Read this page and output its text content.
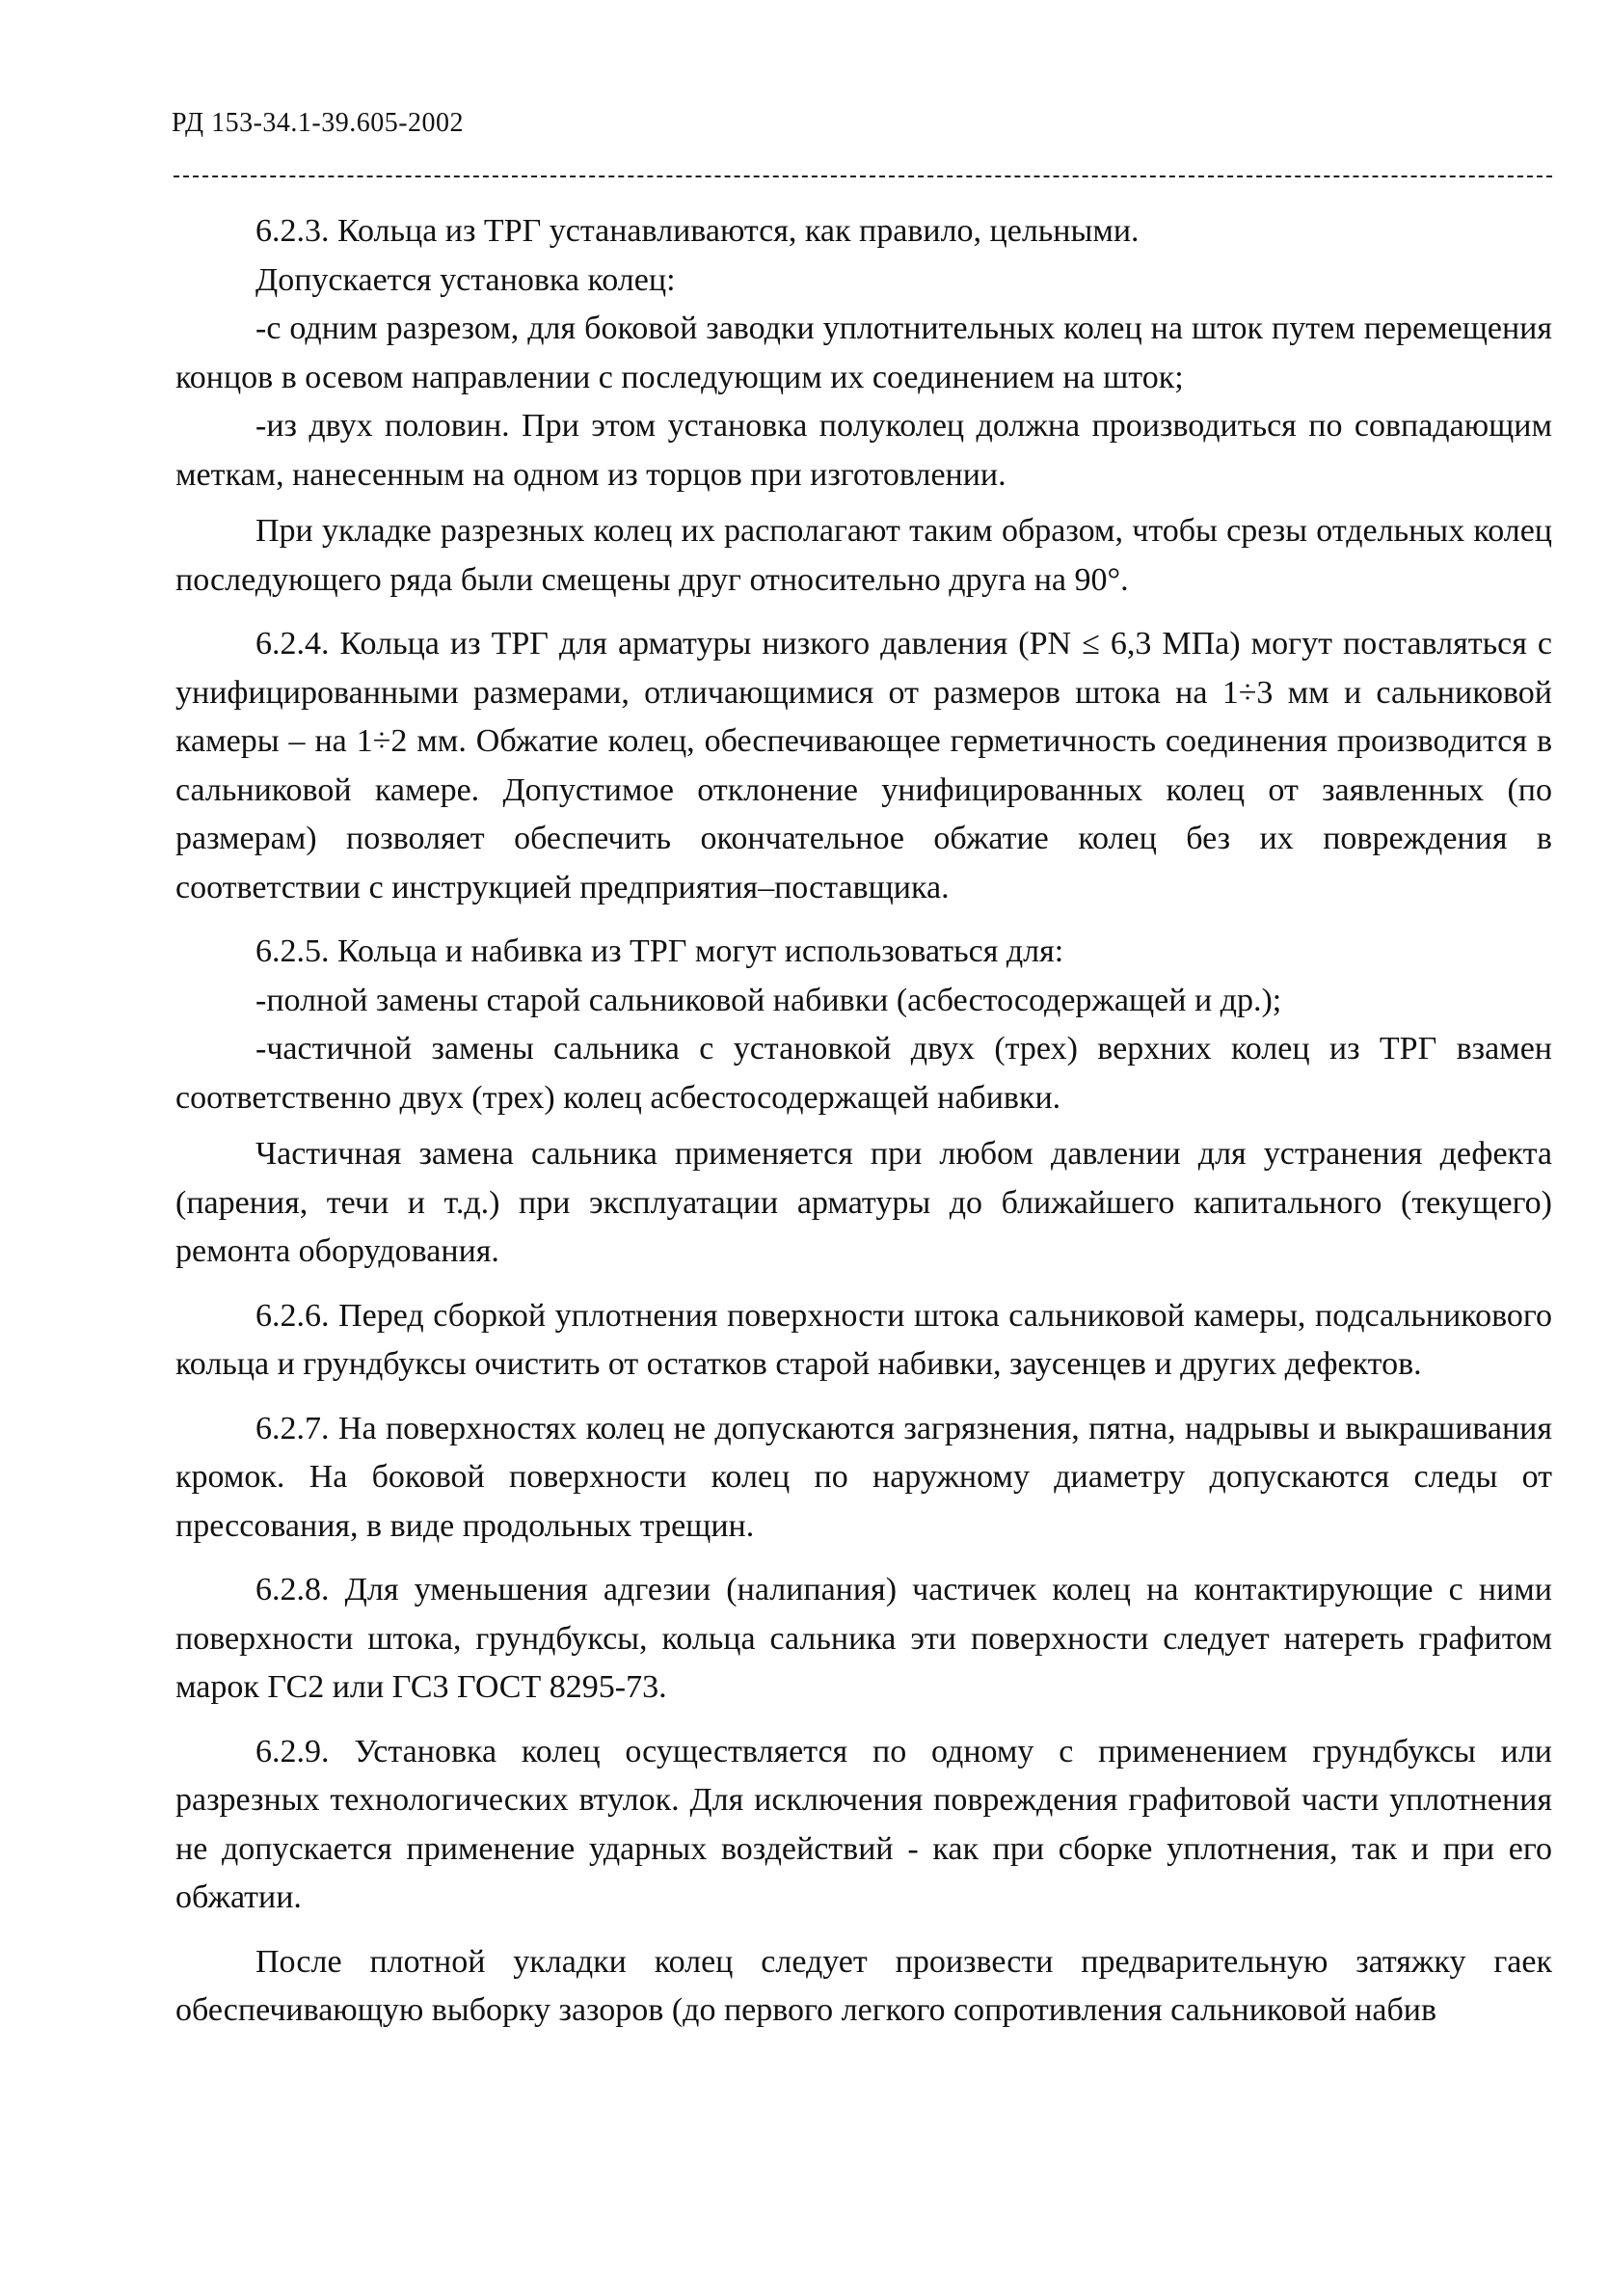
РД 153-34.1-39.605-2002

6.2.3. Кольца из ТРГ устанавливаются, как правило, цельными.

Допускается установка колец:

-с одним разрезом, для боковой заводки уплотнительных колец на шток путем перемещения концов в осевом направлении с последующим их соединением на шток;

-из двух половин. При этом установка полуколец должна производиться по совпадающим меткам, нанесенным на одном из торцов при изготовлении.

При укладке разрезных колец их располагают таким образом, чтобы срезы отдельных колец последующего ряда были смещены друг относительно друга на 90°.

6.2.4. Кольца из ТРГ для арматуры низкого давления (PN ≤ 6,3 МПа) могут поставляться с унифицированными размерами, отличающимися от размеров штока на 1÷3 мм и сальниковой камеры – на 1÷2 мм. Обжатие колец, обеспечивающее герметичность соединения производится в сальниковой камере. Допустимое отклонение унифицированных колец от заявленных (по размерам) позволяет обеспечить окончательное обжатие колец без их повреждения в соответствии с инструкцией предприятия–поставщика.

6.2.5. Кольца и набивка из ТРГ могут использоваться для:

-полной замены старой сальниковой набивки (асбестосодержащей и др.);

-частичной замены сальника с установкой двух (трех) верхних колец из ТРГ взамен соответственно двух (трех) колец асбестосодержащей набивки.

Частичная замена сальника применяется при любом давлении для устранения дефекта (парения, течи и т.д.) при эксплуатации арматуры до ближайшего капитального (текущего) ремонта оборудования.

6.2.6. Перед сборкой уплотнения поверхности штока сальниковой камеры, подсальникового кольца и грундбуксы очистить от остатков старой набивки, заусенцев и других дефектов.

6.2.7. На поверхностях колец не допускаются загрязнения, пятна, надрывы и выкрашивания кромок. На боковой поверхности колец по наружному диаметру допускаются следы от прессования, в виде продольных трещин.

6.2.8. Для уменьшения адгезии (налипания) частичек колец на контактирующие с ними поверхности штока, грундбуксы, кольца сальника эти поверхности следует натереть графитом марок ГС2 или ГС3 ГОСТ 8295-73.

6.2.9. Установка колец осуществляется по одному с применением грундбуксы или разрезных технологических втулок. Для исключения повреждения графитовой части уплотнения не допускается применение ударных воздействий - как при сборке уплотнения, так и при его обжатии.

После плотной укладки колец следует произвести предварительную затяжку гаек обеспечивающую выборку зазоров (до первого легкого сопротивления сальниковой набив
